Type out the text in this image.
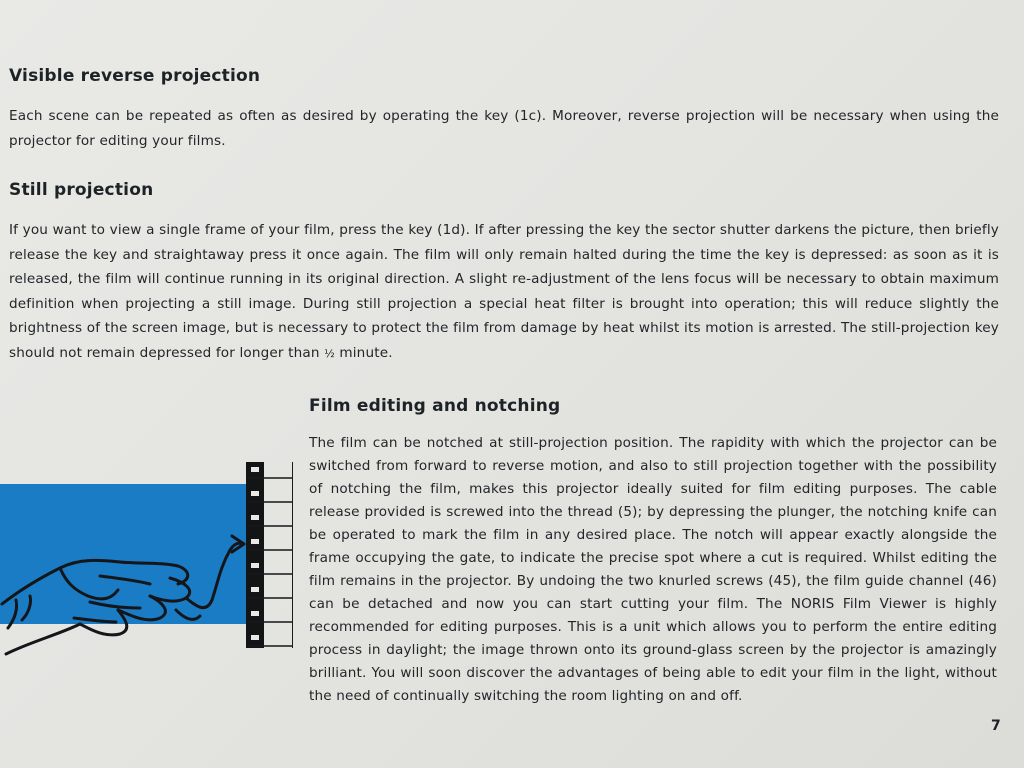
Visible reverse projection

Each scene can be repeated as often as desired by operating the key (1c). Moreover, reverse projection will be necessary when using the projector for editing your films.

Still projection

If you want to view a single frame of your film, press the key (1d). If after pressing the key the sector shutter darkens the picture, then briefly release the key and straightaway press it once again. The film will only remain halted during the time the key is depressed: as soon as it is released, the film will continue running in its original direction. A slight re-adjustment of the lens focus will be necessary to obtain maximum definition when projecting a still image. During still projection a special heat filter is brought into operation; this will reduce slightly the brightness of the screen image, but is necessary to protect the film from damage by heat whilst its motion is arrested. The still-projection key should not remain depressed for longer than ½ minute.

Film editing and notching

The film can be notched at still-projection position. The rapidity with which the projector can be switched from forward to reverse motion, and also to still projection together with the possibility of notching the film, makes this projector ideally suited for film editing purposes. The cable release provided is screwed into the thread (5); by depressing the plunger, the notching knife can be operated to mark the film in any desired place. The notch will appear exactly alongside the frame occupying the gate, to indicate the precise spot where a cut is required. Whilst editing the film remains in the projector. By undoing the two knurled screws (45), the film guide channel (46) can be detached and now you can start cutting your film. The NORIS Film Viewer is highly recommended for editing purposes. This is a unit which allows you to perform the entire editing process in daylight; the image thrown onto its ground-glass screen by the projector is amazingly brilliant. You will soon discover the advantages of being able to edit your film in the light, without the need of continually switching the room lighting on and off.

7
